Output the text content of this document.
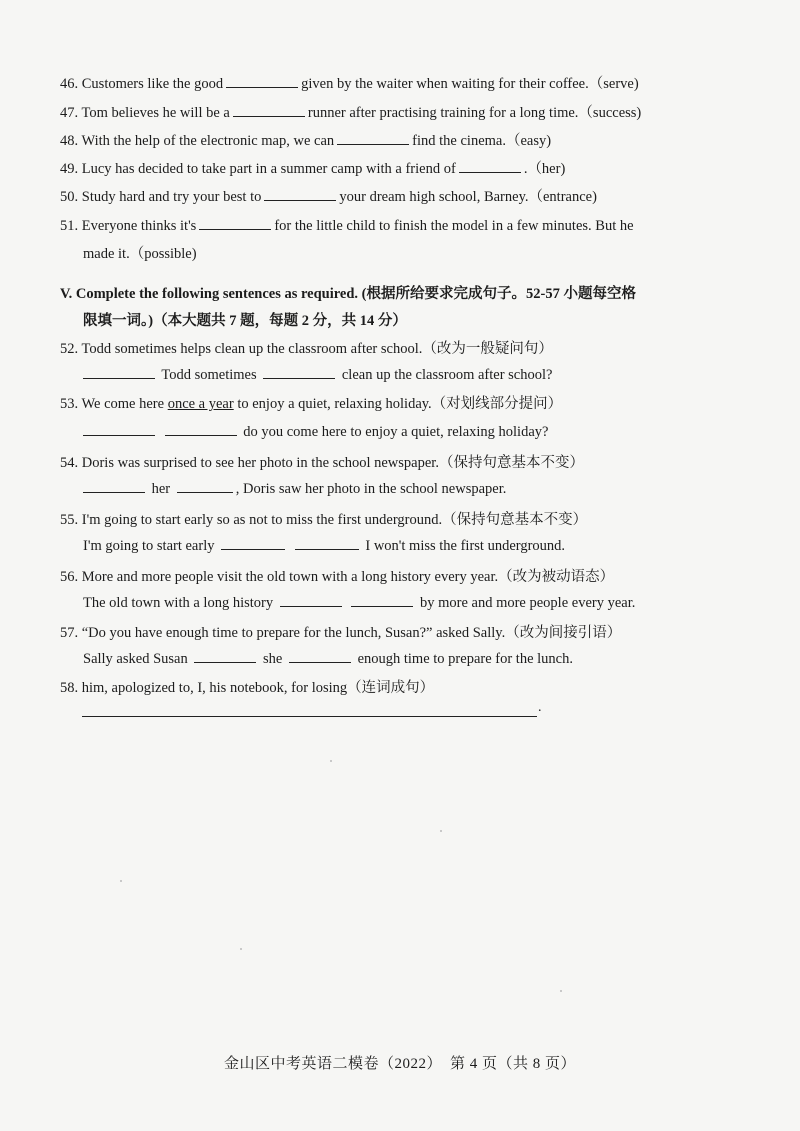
46. Customers like the good	given by the waiter when waiting for their coffee.（serve)
47. Tom believes he will be a	runner after practising training for a long time.（success)
48. With the help of the electronic map, we can	find the cinema.（easy)
49. Lucy has decided to take part in a summer camp with a friend of	.（her)
50. Study hard and try your best to	your dream high school, Barney.（entrance)
51. Everyone thinks it's	for the little child to finish the model in a few minutes. But he
made it.（possible)
V. Complete the following sentences as required. (根据所给要求完成句子。52-57 小题每空格
限填一词。)（本大题共 7 题，每题 2 分，共 14 分）
52. Todd sometimes helps clean up the classroom after school.（改为一般疑问句）
Todd sometimes	clean up the classroom after school?
53. We come here once a year to enjoy a quiet, relaxing holiday.（对划线部分提问）
do you come here to enjoy a quiet, relaxing holiday?
54. Doris was surprised to see her photo in the school newspaper.（保持句意基本不变）
her	, Doris saw her photo in the school newspaper.
55. I'm going to start early so as not to miss the first underground.（保持句意基本不变）
I'm going to start early	I won't miss the first underground.
56. More and more people visit the old town with a long history every year.（改为被动语态）
The old town with a long history	by more and more people every year.
57. “Do you have enough time to prepare for the lunch, Susan?” asked Sally.（改为间接引语）
Sally asked Susan	she	enough time to prepare for the lunch.
58. him, apologized to, I, his notebook, for losing（连词成句）
.
金山区中考英语二模卷（2022）　第 4 页（共 8 页）
